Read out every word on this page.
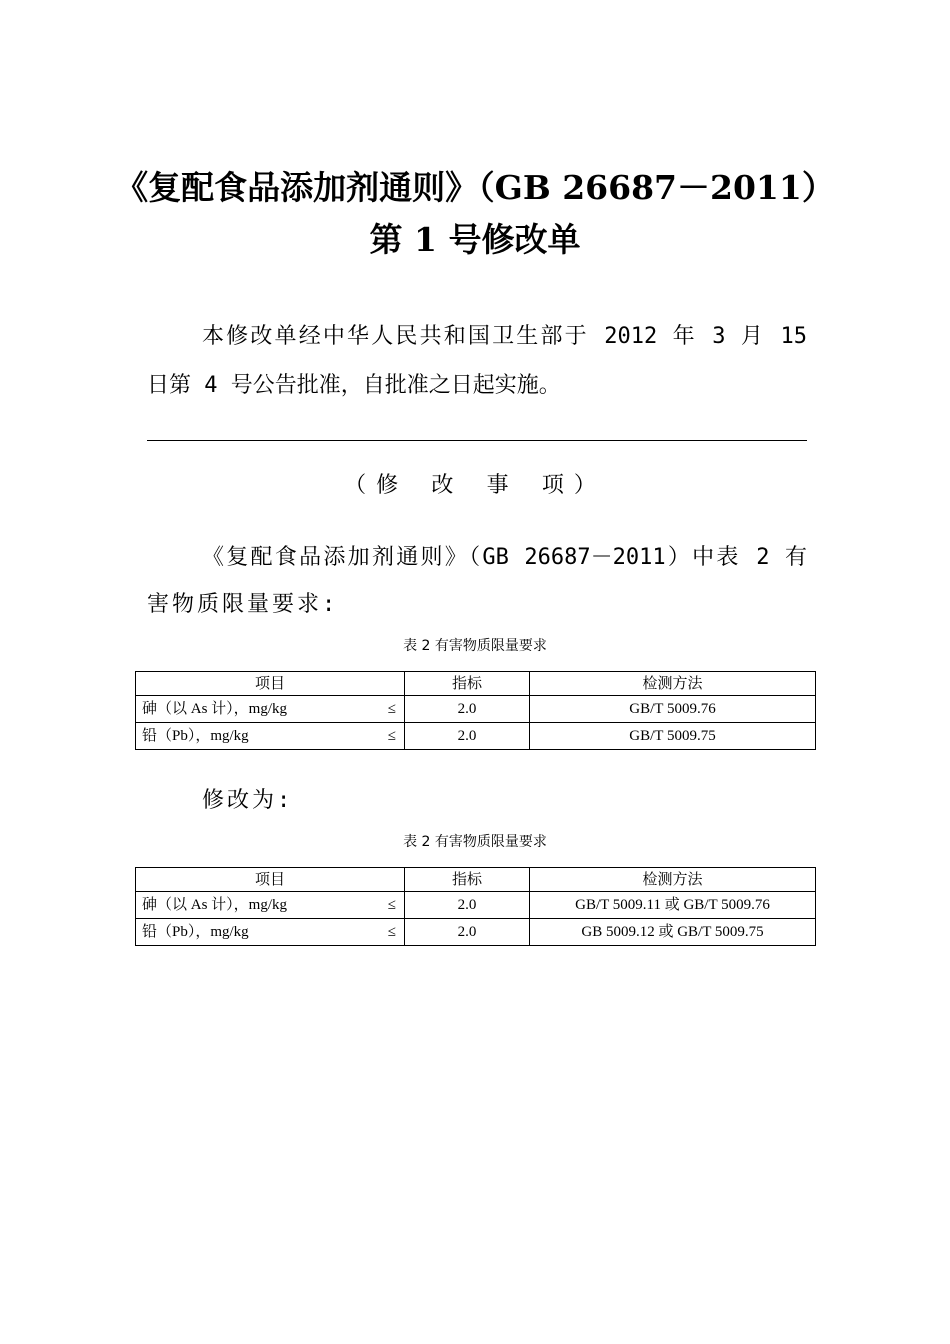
《复配食品添加剂通则》（GB 26687－2011）
第 1 号修改单
本修改单经中华人民共和国卫生部于 2012 年 3 月 15
日第 4 号公告批准，自批准之日起实施。
（修 改 事 项）
《复配食品添加剂通则》（GB 26687－2011）中表 2 有
害物质限量要求:
表 2 有害物质限量要求
项目	指标	检测方法

砷（以 As 计），mg/kg ≤	2.0	GB/T 5009.76

铅（Pb），mg/kg ≤	2.0	GB/T 5009.75
修改为:
表 2 有害物质限量要求
项目	指标	检测方法

砷（以 As 计），mg/kg ≤	2.0	GB/T 5009.11 或 GB/T 5009.76

铅（Pb），mg/kg ≤	2.0	GB 5009.12 或 GB/T 5009.75
